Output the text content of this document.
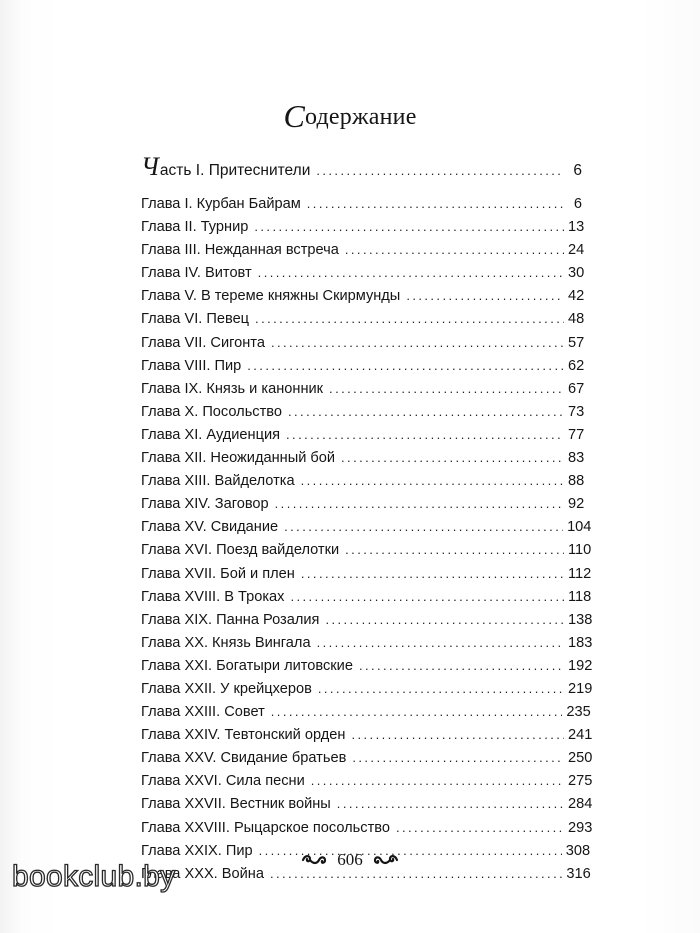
Содержание
Часть I. Притеснители . . .	6
Глава I. Курбан Байрам . . .	6
Глава II. Турнир . . .	13
Глава III. Нежданная встреча . . .	24
Глава IV. Витовт . . .	30
Глава V. В тереме княжны Скирмунды . . .	42
Глава VI. Певец . . .	48
Глава VII. Сигонта . . .	57
Глава VIII. Пир . . .	62
Глава IX. Князь и канонник . . .	67
Глава X. Посольство . . .	73
Глава XI. Аудиенция . . .	77
Глава XII. Неожиданный бой . . .	83
Глава XIII. Вайделотка . . .	88
Глава XIV. Заговор . . .	92
Глава XV. Свидание . . .	104
Глава XVI. Поезд вайделотки . . .	110
Глава XVII. Бой и плен . . .	112
Глава XVIII. В Троках . . .	118
Глава XIX. Панна Розалия . . .	138
Глава XX. Князь Вингала . . .	183
Глава XXI. Богатыри литовские . . .	192
Глава XXII. У крейцхеров . . .	219
Глава XXIII. Совет . . .	235
Глава XXIV. Тевтонский орден . . .	241
Глава XXV. Свидание братьев . . .	250
Глава XXVI. Сила песни . . .	275
Глава XXVII. Вестник войны . . .	284
Глава XXVIII. Рыцарское посольство . . .	293
Глава XXIX. Пир . . .	308
Глава XXX. Война . . .	316
606
bookclub.by
